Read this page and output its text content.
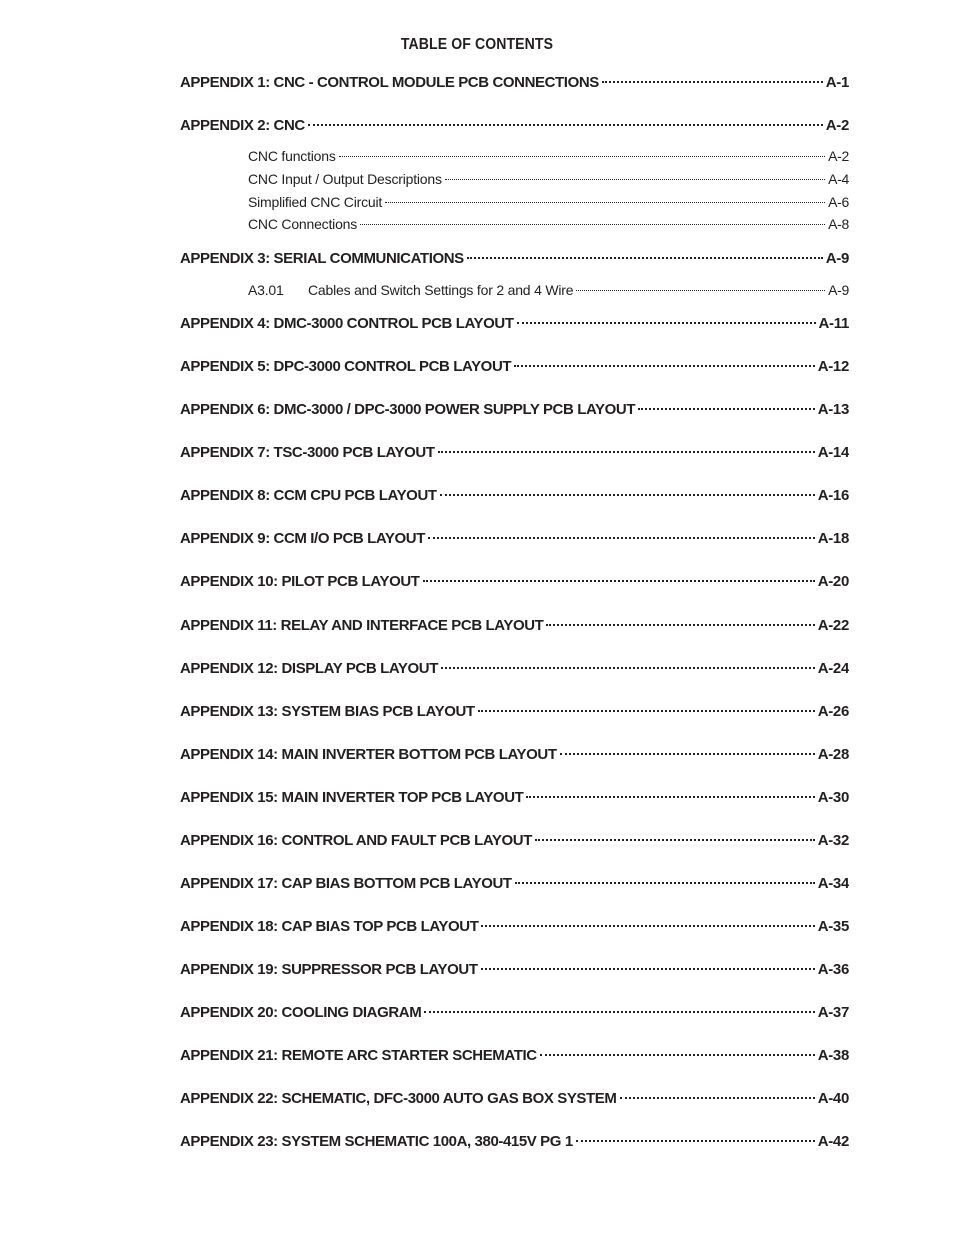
TABLE OF CONTENTS
APPENDIX 1: CNC - CONTROL MODULE PCB CONNECTIONS	A-1
APPENDIX 2: CNC	A-2
CNC functions	A-2
CNC Input / Output Descriptions	A-4
Simplified CNC Circuit	A-6
CNC Connections	A-8
APPENDIX 3: SERIAL COMMUNICATIONS	A-9
A3.01 Cables and Switch Settings for 2 and 4 Wire	A-9
APPENDIX 4: DMC-3000 CONTROL PCB LAYOUT	A-11
APPENDIX 5: DPC-3000 CONTROL PCB LAYOUT	A-12
APPENDIX 6: DMC-3000 / DPC-3000 POWER SUPPLY PCB LAYOUT	A-13
APPENDIX 7: TSC-3000 PCB LAYOUT	A-14
APPENDIX 8: CCM CPU PCB LAYOUT	A-16
APPENDIX 9: CCM I/O PCB LAYOUT	A-18
APPENDIX 10: PILOT PCB LAYOUT	A-20
APPENDIX 11: RELAY AND INTERFACE PCB LAYOUT	A-22
APPENDIX 12: DISPLAY PCB LAYOUT	A-24
APPENDIX 13: SYSTEM BIAS PCB LAYOUT	A-26
APPENDIX 14: MAIN INVERTER BOTTOM PCB LAYOUT	A-28
APPENDIX 15: MAIN INVERTER TOP PCB LAYOUT	A-30
APPENDIX 16: CONTROL AND FAULT PCB LAYOUT	A-32
APPENDIX 17: CAP BIAS BOTTOM PCB LAYOUT	A-34
APPENDIX 18: CAP BIAS TOP PCB LAYOUT	A-35
APPENDIX 19: SUPPRESSOR PCB LAYOUT	A-36
APPENDIX 20: COOLING DIAGRAM	A-37
APPENDIX 21: REMOTE ARC STARTER SCHEMATIC	A-38
APPENDIX 22: SCHEMATIC, DFC-3000 AUTO GAS BOX SYSTEM	A-40
APPENDIX 23: SYSTEM SCHEMATIC 100A, 380-415V PG 1	A-42
